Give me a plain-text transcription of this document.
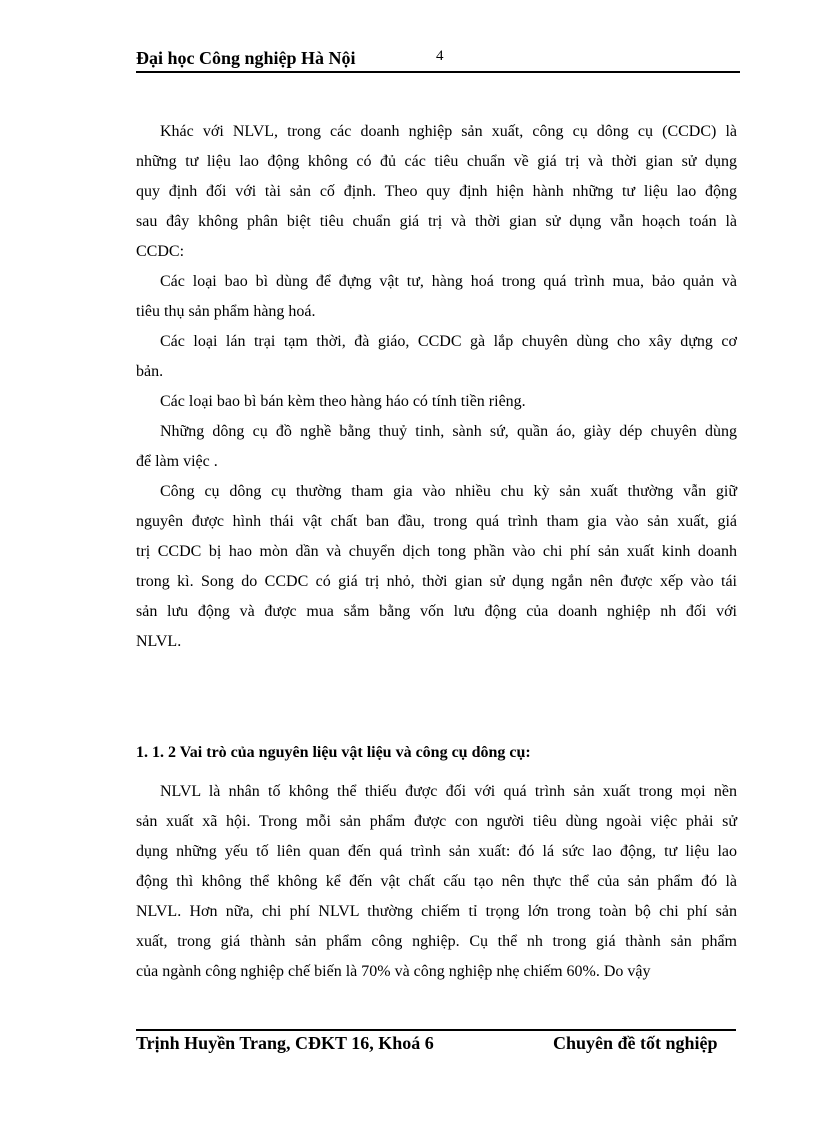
Đại học Công nghiệp Hà Nội	4
Khác với NLVL, trong các doanh nghiệp sản xuất, công cụ dông cụ (CCDC) là
những tư liệu lao động không có đủ các tiêu chuẩn về giá trị và thời gian sử dụng
quy định đối với tài sản cố định. Theo quy định hiện hành những tư liệu lao động
sau đây không phân biệt tiêu chuẩn giá trị và thời gian sử dụng vẫn hoạch toán là
CCDC:
Các loại bao bì dùng để đựng vật tư, hàng hoá trong quá trình mua, bảo quản và
tiêu thụ sản phẩm hàng hoá.
Các loại lán trại tạm thời, đà giáo, CCDC gà lắp chuyên dùng cho xây dựng cơ
bản.
Các loại bao bì bán kèm theo hàng háo có tính tiền riêng.
Những dông cụ đồ nghề bằng thuỷ tinh, sành sứ, quần áo, giày dép chuyên dùng
để làm việc .
Công cụ dông cụ thường tham gia vào nhiều chu kỳ sản xuất thường vẫn giữ
nguyên được hình thái vật chất ban đầu, trong quá trình tham gia vào sản xuất, giá
trị CCDC bị hao mòn dần và chuyển dịch tong phần vào chi phí sản xuất kinh doanh
trong kì. Song do CCDC có giá trị nhỏ, thời gian sử dụng ngắn nên được xếp vào tái
sản lưu động và được mua sắm bằng vốn lưu động của doanh nghiệp nh đối với
NLVL.
1. 1. 2 Vai trò của nguyên liệu vật liệu và công cụ dông cụ:
NLVL là nhân tố không thể thiếu được đối với quá trình sản xuất trong mọi nền
sản xuất xã hội. Trong mỗi sản phẩm được con người tiêu dùng ngoài việc phải sử
dụng những yếu tố liên quan đến quá trình sản xuất: đó lá sức lao động, tư liệu lao
động thì không thể không kể đến vật chất cấu tạo nên thực thể của sản phẩm đó là
NLVL. Hơn nữa, chi phí NLVL thường chiếm tỉ trọng lớn trong toàn bộ chi phí sản
xuất, trong giá thành sản phẩm công nghiệp. Cụ thể nh trong giá thành sản phẩm
của ngành công nghiệp chế biến là 70% và công nghiệp nhẹ chiếm 60%. Do vậy
Trịnh Huyền Trang, CĐKT 16, Khoá 6	Chuyên đề tốt nghiệp
